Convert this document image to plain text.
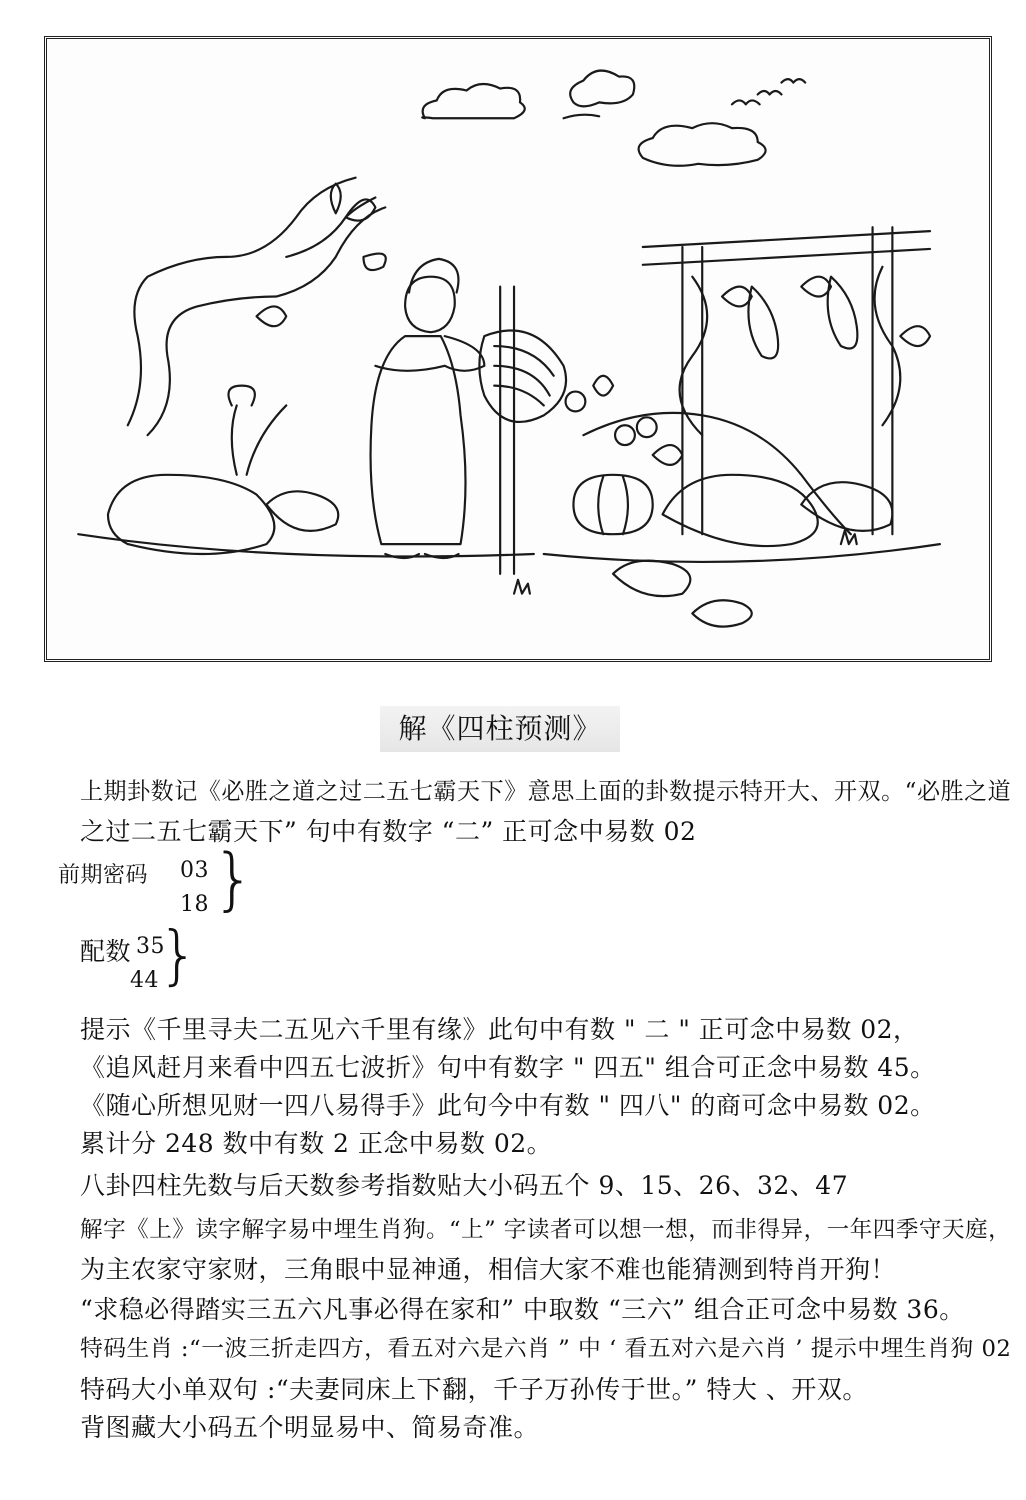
解《四柱预测》
上期卦数记《必胜之道之过二五七霸天下》意思上面的卦数提示特开大、开双。“必胜之道
之过二五七霸天下” 句中有数字 “二” 正可念中易数 02
前期密码 03
18 }
配数 35
44 }
提示《千里寻夫二五见六千里有缘》此句中有数 " 二 " 正可念中易数 02，
《追风赶月来看中四五七波折》句中有数字 " 四五" 组合可正念中易数 45。
《随心所想见财一四八易得手》此句今中有数 " 四八" 的商可念中易数 02。
累计分 248 数中有数 2 正念中易数 02。
八卦四柱先数与后天数参考指数贴大小码五个 9、15、26、32、47
解字《上》读字解字易中埋生肖狗。“上” 字读者可以想一想，而非得异，一年四季守天庭，
为主农家守家财，三角眼中显神通，相信大家不难也能猜测到特肖开狗！
“求稳必得踏实三五六凡事必得在家和” 中取数 “三六” 组合正可念中易数 36。
特码生肖 :“一波三折走四方，看五对六是六肖 ” 中 ‘ 看五对六是六肖 ’ 提示中埋生肖狗 02
特码大小单双句 :“夫妻同床上下翻，千子万孙传于世。” 特大 、开双。
背图藏大小码五个明显易中、简易奇准。
